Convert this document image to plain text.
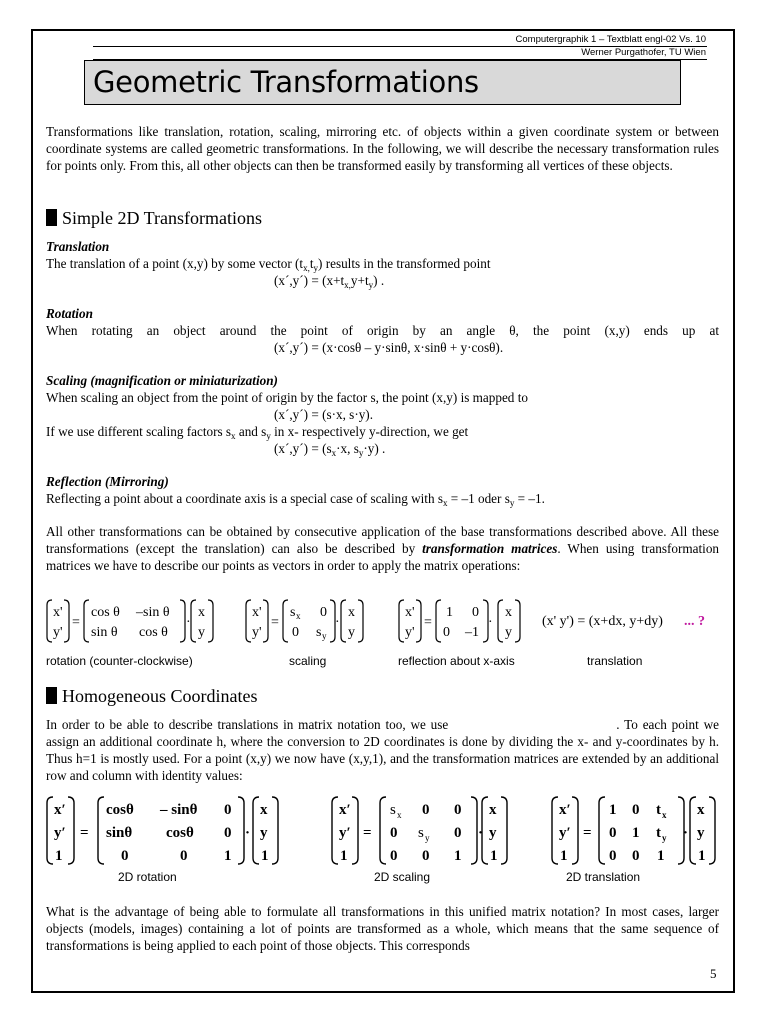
Computergraphik 1 – Textblatt engl-02 Vs. 10
Werner Purgathofer, TU Wien
Geometric Transformations
Transformations like translation, rotation, scaling, mirroring etc. of objects within a given coordinate system or between coordinate systems are called geometric transformations. In the following, we will describe the necessary transformation rules for points only. From this, all other objects can then be transformed easily by transforming all vertices of these objects.
Simple 2D Transformations
Translation
The translation of a point (x,y) by some vector $(t_{x,}t_y)$ results in the transformed point
(x´,y´) = $(x+t_{x,}y+t_y)$ .
Rotation
When rotating an object around the point of origin by an angle θ, the point (x,y) ends up at
(x´,y´) = (x·cosθ – y·sinθ, x·sinθ + y·cosθ).
Scaling (magnification or miniaturization)
When scaling an object from the point of origin by the factor s, the point (x,y) is mapped to
(x´,y´) = (s·x, s·y).
If we use different scaling factors $s_x$ and $s_y$ in x- respectively y-direction, we get
(x´,y´) = ($s_x\cdot x$, $s_y\cdot y$) .
Reflection (Mirroring)
Reflecting a point about a coordinate axis is a special case of scaling with $s_x = -1$ oder $s_y = -1$.
All other transformations can be obtained by consecutive application of the base transformations described above. All these transformations (except the translation) can also be described by transformation matrices. When using transformation matrices we have to describe our points as vectors in order to apply the matrix operations:
x'
y'
=
cos θ –sin θ
sin θ cos θ
·
x
y
x'
y'
=
s x 0
0 s y
·
x
y
x'
y'
=
1 0
0 –1
·
x
y
(x' y') = (x+dx, y+dy) ... ?
rotation (counter-clockwise)	scaling	reflection about x-axis	translation
Homogeneous Coordinates
In order to be able to describe translations in matrix notation too, we use	. To each point we assign an additional coordinate h, where the conversion to 2D coordinates is done by dividing the x- and y-coordinates by h. Thus h=1 is mostly used. For a point (x,y) we now have (x,y,1), and the transformation matrices are extended by an additional row and column with identity values:
x′
y′
1
=
cosθ – sinθ 0
sinθ cosθ 0
0	0 1
·
x
y
1
x′
y′
1
=
s x 0 0
0 s y 0
0 0 1
·
x
y
1
x′
y′
1
=
1 0 t x
0 1 t y
0 0 1
·
x
y
1
2D rotation	2D scaling	2D translation
What is the advantage of being able to formulate all transformations in this unified matrix notation? In most cases, larger objects (models, images) containing a lot of points are transformed as a whole, which means that the same sequence of transformations is being applied to each point of those objects. This corresponds
5
